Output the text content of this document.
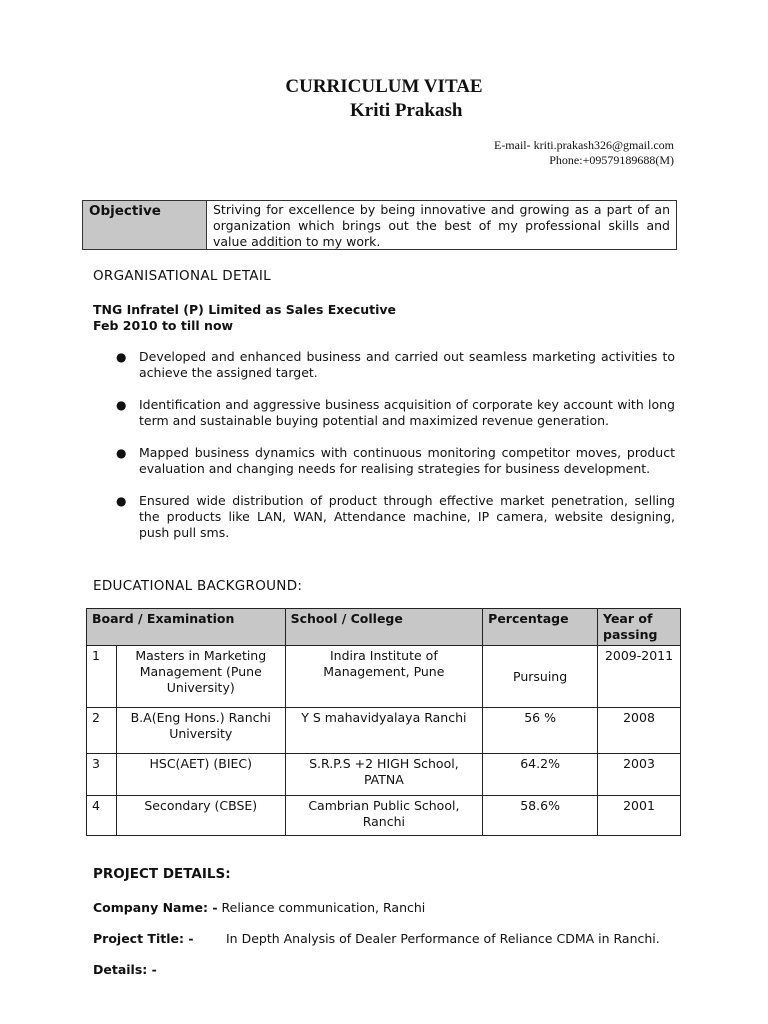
CURRICULUM VITAE
Kriti Prakash
E-mail- kriti.prakash326@gmail.com
Phone:+09579189688(M)
Objective	Striving for excellence by being innovative and growing as a part of an organization which brings out the best of my professional skills and value addition to my work.
ORGANISATIONAL DETAIL
TNG Infratel (P) Limited as Sales Executive
Feb 2010 to till now
● Developed and enhanced business and carried out seamless marketing activities to achieve the assigned target.
● Identification and aggressive business acquisition of corporate key account with long term and sustainable buying potential and maximized revenue generation.
● Mapped business dynamics with continuous monitoring competitor moves, product evaluation and changing needs for realising strategies for business development.
● Ensured wide distribution of product through effective market penetration, selling the products like LAN, WAN, Attendance machine, IP camera, website designing, push pull sms.
EDUCATIONAL BACKGROUND:
Board / Examination		School / College	Percentage	Year of passing
1	Masters in Marketing Management (Pune University)	Indira Institute of Management, Pune	Pursuing	2009-2011
2	B.A(Eng Hons.) Ranchi University	Y S mahavidyalaya Ranchi	56 %	2008
3	HSC(AET) (BIEC)	S.R.P.S +2 HIGH School, PATNA	64.2%	2003
4	Secondary (CBSE)	Cambrian Public School, Ranchi	58.6%	2001
PROJECT DETAILS:
Company Name: - Reliance communication, Ranchi
Project Title: -	In Depth Analysis of Dealer Performance of Reliance CDMA in Ranchi.
Details: -
